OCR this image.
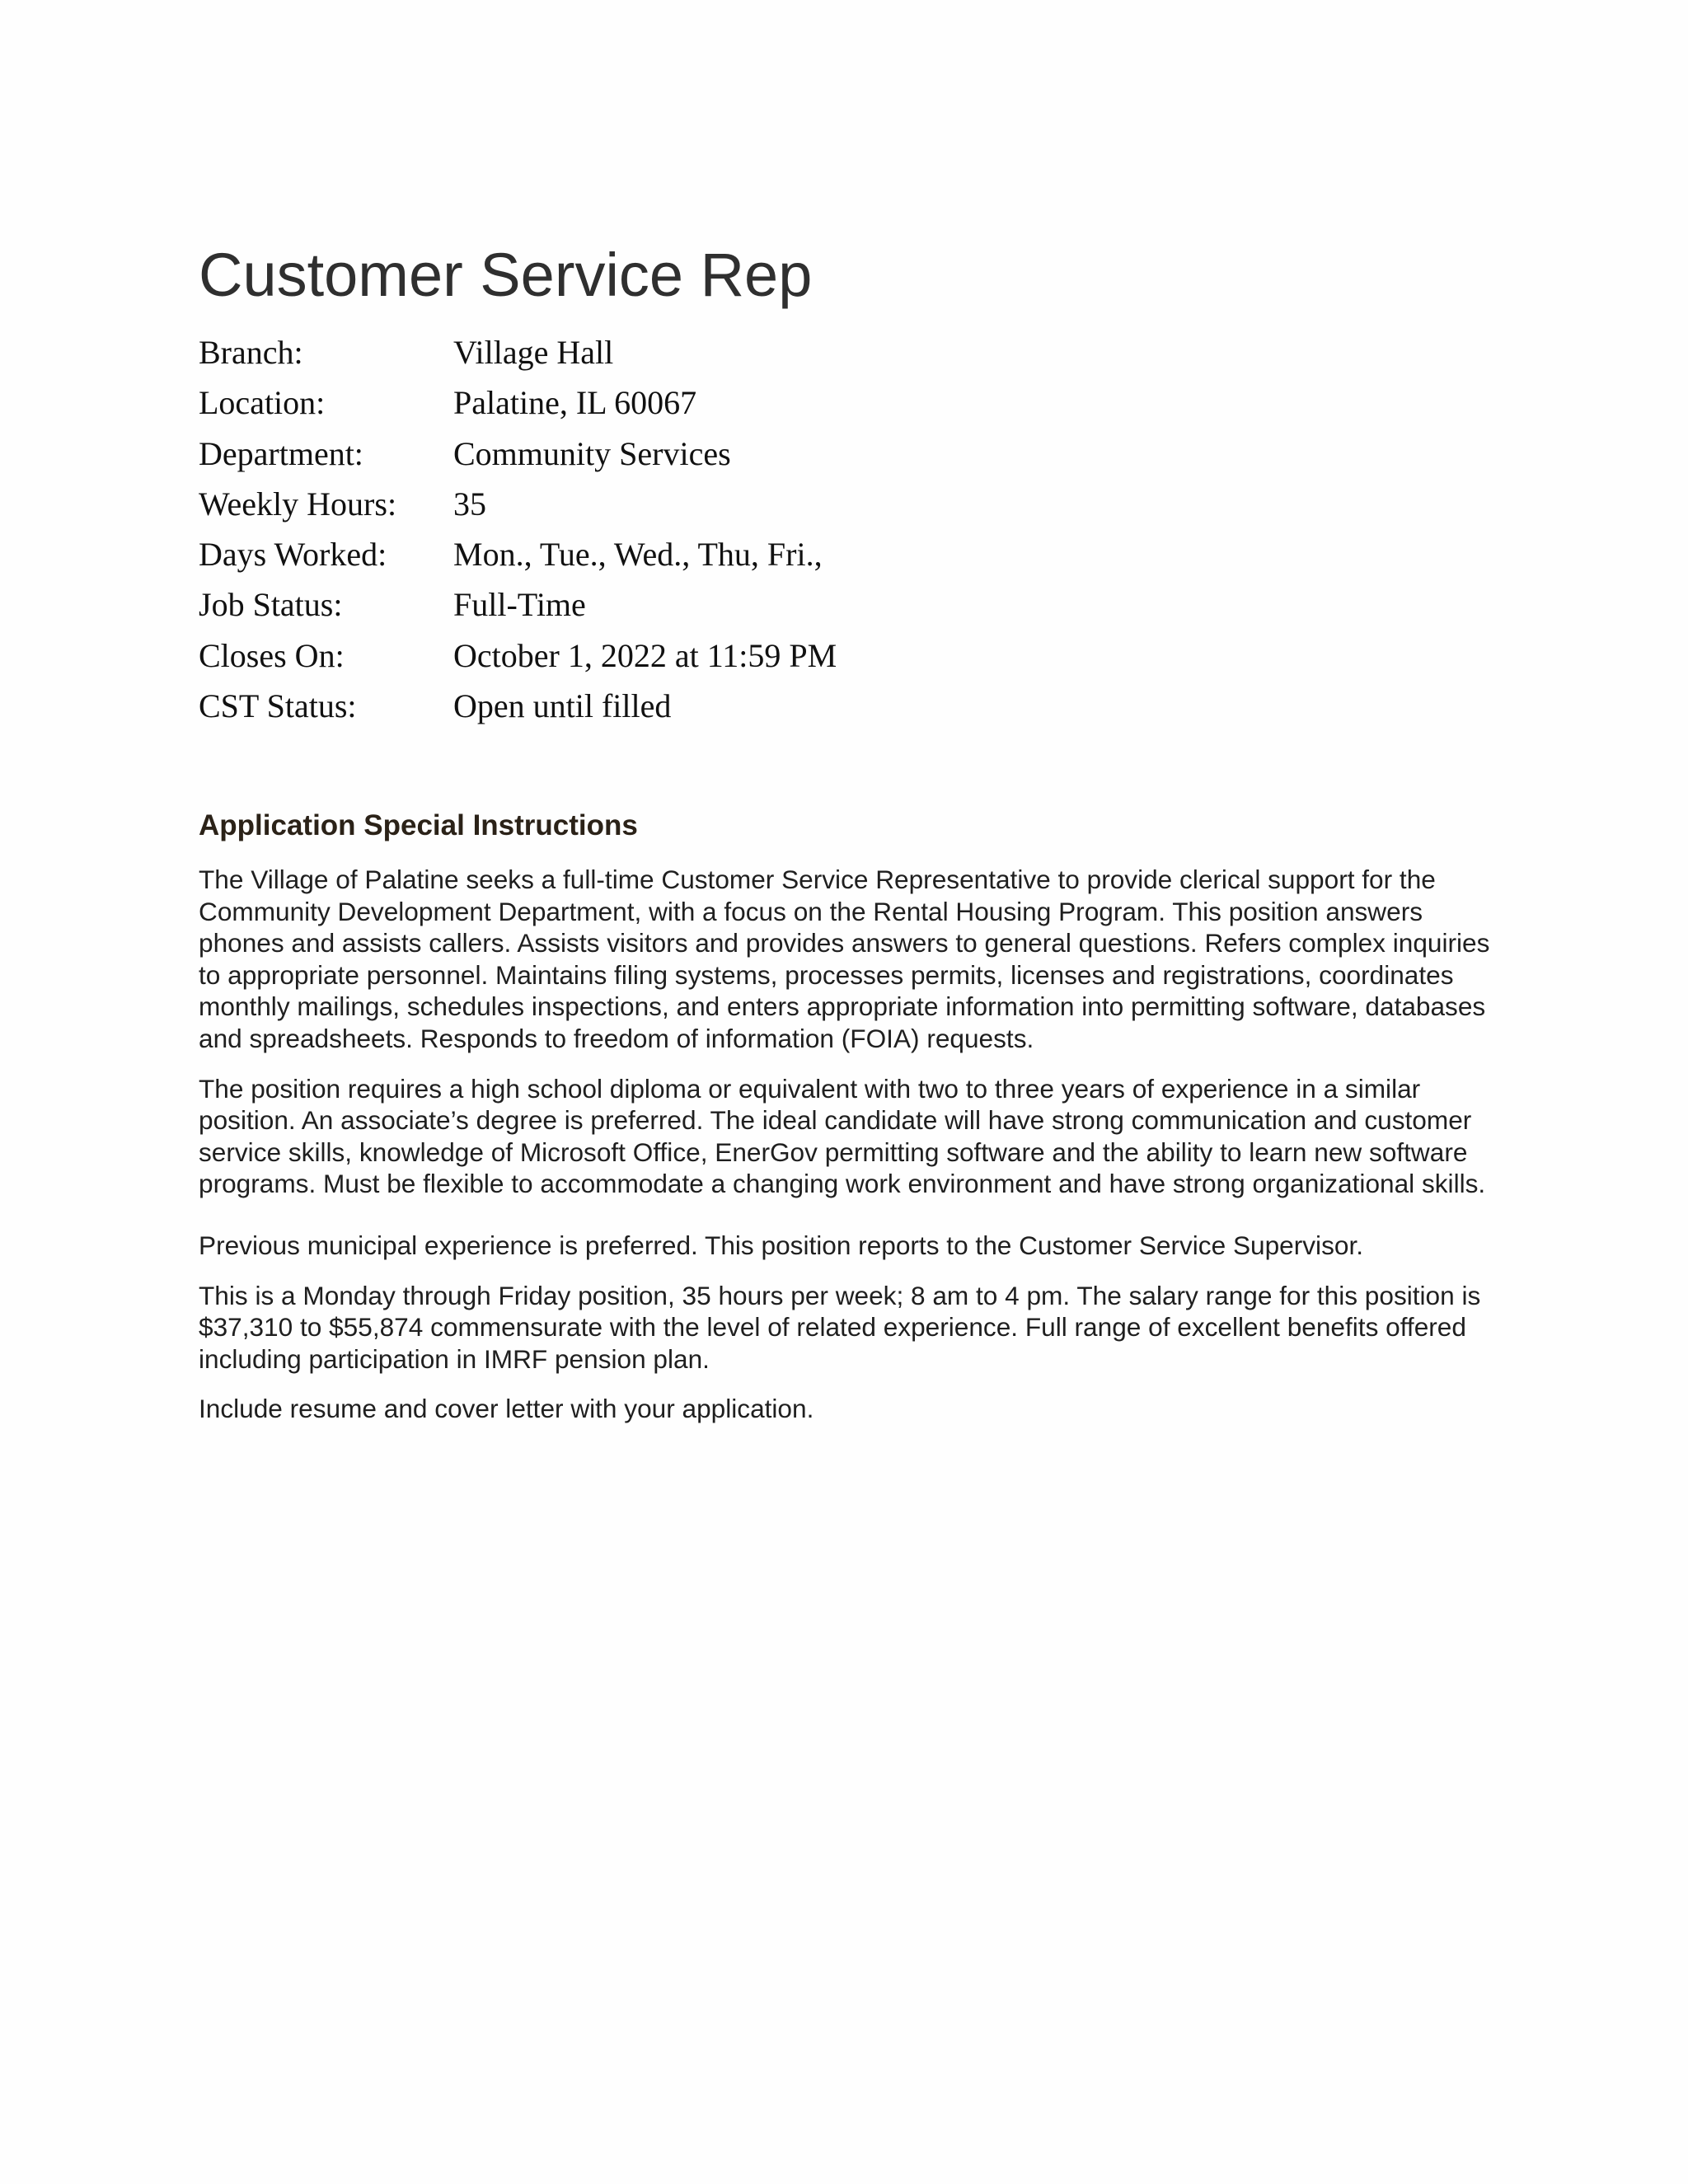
Customer Service Rep
Branch:	Village Hall
Location:	Palatine, IL 60067
Department:	Community Services
Weekly Hours: 35
Days Worked: Mon., Tue., Wed., Thu, Fri.,
Job Status:	Full-Time
Closes On:	October 1, 2022 at 11:59 PM
CST Status:	Open until filled
Application Special Instructions

The Village of Palatine seeks a full-time Customer Service Representative to provide clerical support for the Community Development Department, with a focus on the Rental Housing Program. This position answers phones and assists callers. Assists visitors and provides answers to general questions. Refers complex inquiries to appropriate personnel. Maintains filing systems, processes permits, licenses and registrations, coordinates monthly mailings, schedules inspections, and enters appropriate information into permitting software, databases and spreadsheets. Responds to freedom of information (FOIA) requests.

The position requires a high school diploma or equivalent with two to three years of experience in a similar position. An associate’s degree is preferred. The ideal candidate will have strong communication and customer service skills, knowledge of Microsoft Office, EnerGov permitting software and the ability to learn new software programs. Must be flexible to accommodate a changing work environment and have strong organizational skills.

Previous municipal experience is preferred. This position reports to the Customer Service Supervisor.

This is a Monday through Friday position, 35 hours per week; 8 am to 4 pm. The salary range for this position is $37,310 to $55,874 commensurate with the level of related experience. Full range of excellent benefits offered including participation in IMRF pension plan.

Include resume and cover letter with your application.
